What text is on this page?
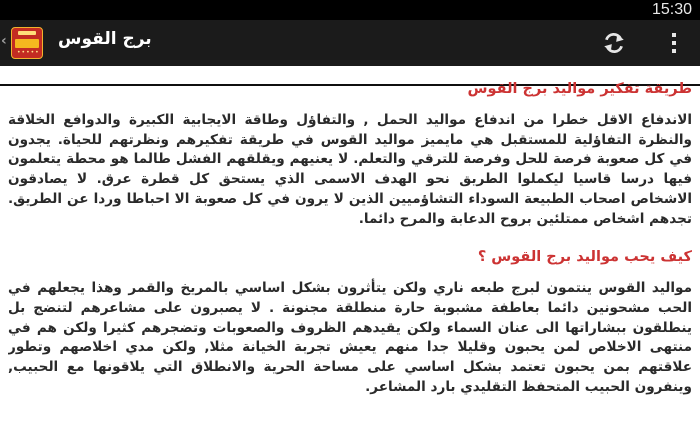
15:30
‹
•••••
برج القوس
طريقة تفكير مواليد برج القوس

الاندفاع الاقل خطرا من اندفاع مواليد الحمل , والتفاؤل وطاقة الايجابية الكبيرة والدوافع الخلاقة والنظرة التفاؤلية للمستقبل هي مايميز مواليد القوس في طريقة تفكيرهم ونظرتهم للحياة. يجدون في كل صعوبة فرصة للحل وفرصة للترقي والتعلم. لا يعنيهم ويقلقهم الفشل طالما هو محطة يتعلمون فيها درسا قاسيا ليكملوا الطريق نحو الهدف الاسمى الذي يستحق كل قطرة عرق. لا يصادقون الاشخاص اصحاب الطبيعة السوداء التشاؤميين الذين لا يرون في كل صعوبة الا احباطا وردا عن الطريق. تجدهم اشخاص ممتلئين بروح الدعابة والمرح دائما.

كيف يحب مواليد برج القوس ؟

مواليد القوس ينتمون لبرج طبعه ناري ولكن يتأثرون بشكل اساسي بالمريخ والقمر وهذا يجعلهم في الحب مشحونين دائما بعاطفة مشبوبة حارة منطلقة مجنونة . لا يصبرون على مشاعرهم لتنضج بل ينطلقون ببشاراتها الى عنان السماء ولكن يقيدهم الظروف والصعوبات وتضجرهم كثيرا ولكن هم في منتهى الاخلاص لمن يحبون وقليلا جدا منهم يعيش تجربة الخيانة مثلا, ولكن مدي اخلاصهم وتطور علاقتهم بمن يحبون تعتمد بشكل اساسي على مساحة الحرية والانطلاق التي يلاقونها مع الحبيب, وينفرون الحبيب المتحفظ التقليدي بارد المشاعر.
